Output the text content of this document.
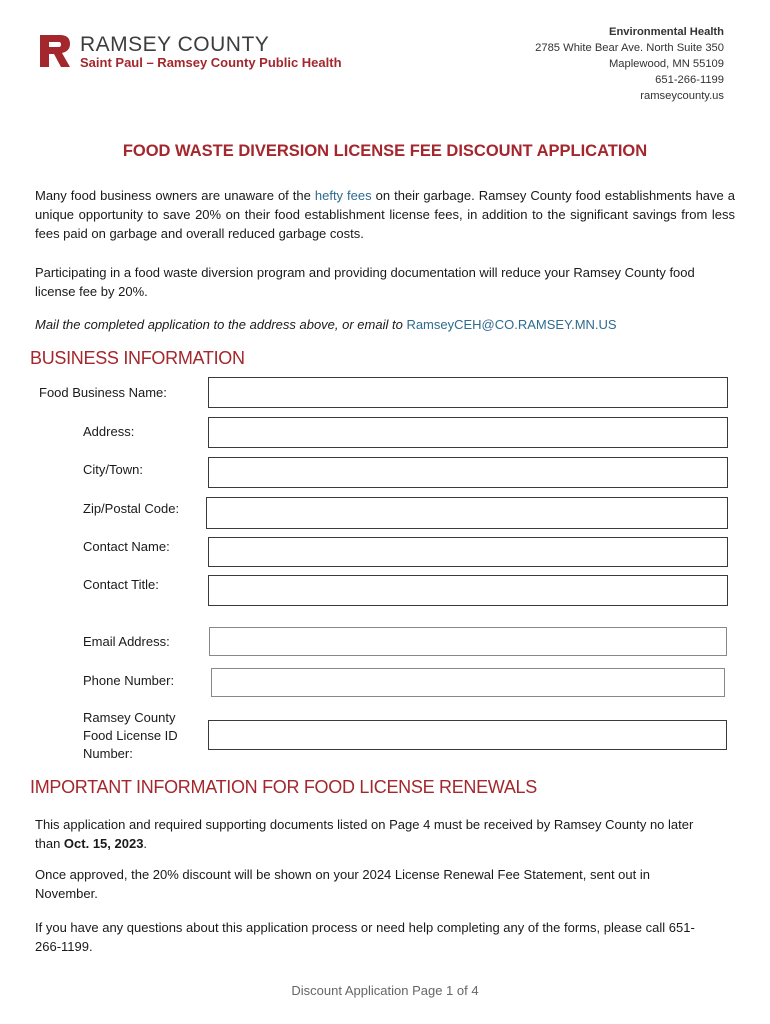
RAMSEY COUNTY
Saint Paul – Ramsey County Public Health
Environmental Health
2785 White Bear Ave. North Suite 350
Maplewood, MN 55109
651-266-1199
ramseycounty.us
FOOD WASTE DIVERSION LICENSE FEE DISCOUNT APPLICATION
Many food business owners are unaware of the hefty fees on their garbage. Ramsey County food establishments have a unique opportunity to save 20% on their food establishment license fees, in addition to the significant savings from less fees paid on garbage and overall reduced garbage costs.
Participating in a food waste diversion program and providing documentation will reduce your Ramsey County food license fee by 20%.
Mail the completed application to the address above, or email to RamseyCEH@CO.RAMSEY.MN.US
BUSINESS INFORMATION
Food Business Name:
Address:
City/Town:
Zip/Postal Code:
Contact Name:
Contact Title:
Email Address:
Phone Number:
Ramsey County
Food License ID
Number:
IMPORTANT INFORMATION FOR FOOD LICENSE RENEWALS
This application and required supporting documents listed on Page 4 must be received by Ramsey County no later than Oct. 15, 2023.
Once approved, the 20% discount will be shown on your 2024 License Renewal Fee Statement, sent out in November.
If you have any questions about this application process or need help completing any of the forms, please call 651-266-1199.
Discount Application Page 1 of 4
